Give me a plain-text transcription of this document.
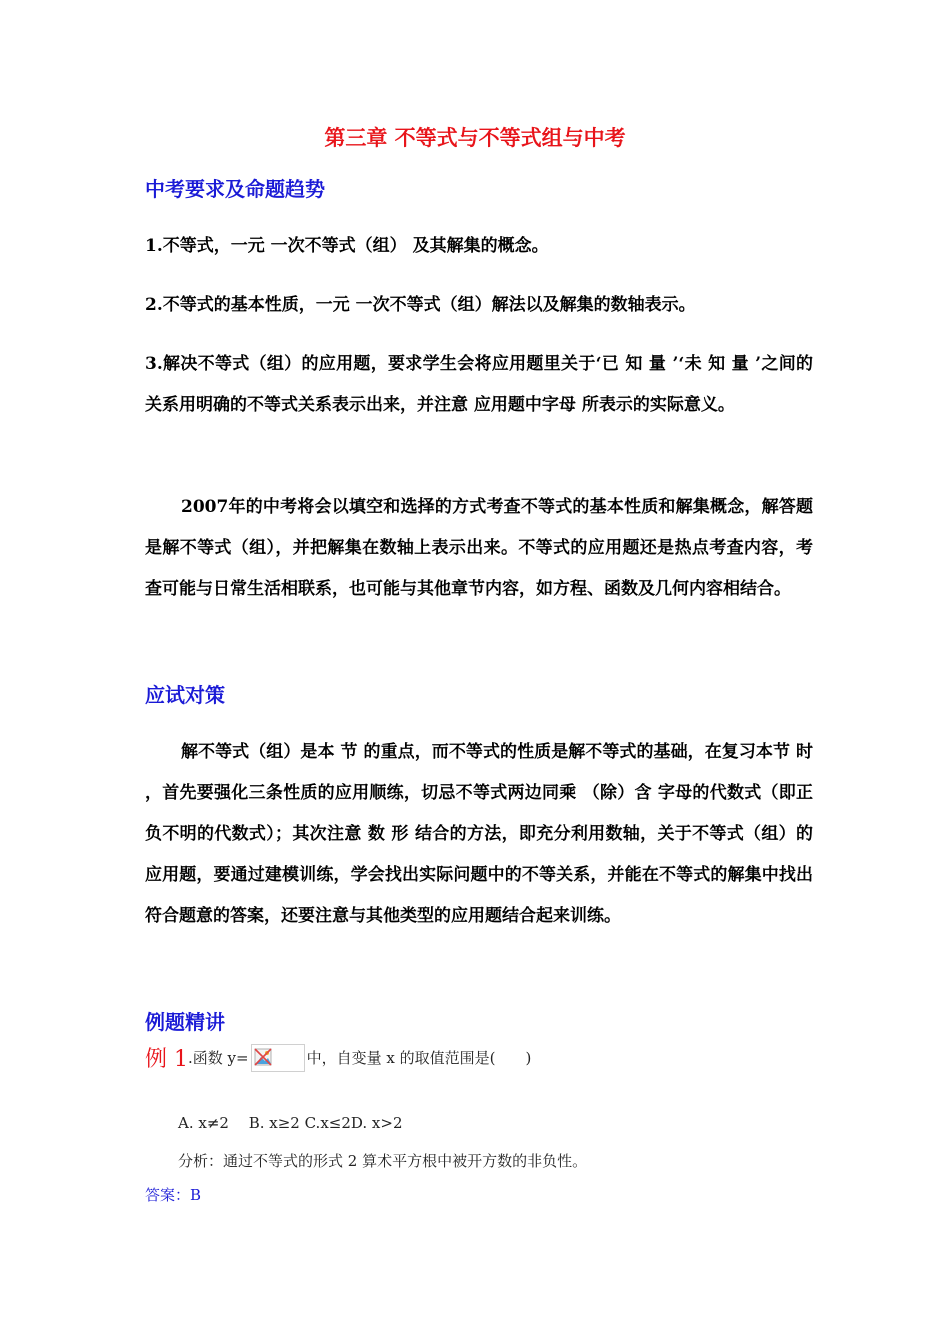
第三章 不等式与不等式组与中考
中考要求及命题趋势
1.不等式，一元 一次不等式（组） 及其解集的概念。
2.不等式的基本性质，一元 一次不等式（组）解法以及解集的数轴表示。
3.解决不等式（组）的应用题，要求学生会将应用题里关于‘已 知 量 ’‘未 知 量 ’之间的关系用明确的不等式关系表示出来，并注意 应用题中字母 所表示的实际意义。
2007年的中考将会以填空和选择的方式考查不等式的基本性质和解集概念，解答题是解不等式（组），并把解集在数轴上表示出来。不等式的应用题还是热点考查内容，考查可能与日常生活相联系，也可能与其他章节内容，如方程、函数及几何内容相结合。
应试对策
解不等式（组）是本 节 的重点，而不等式的性质是解不等式的基础，在复习本节 时 ，首先要强化三条性质的应用顺练，切忌不等式两边同乘 （除）含 字母的代数式（即正负不明的代数式）；其次注意 数 形 结合的方法，即充分利用数轴，关于不等式（组）的应用题，要通过建模训练，学会找出实际问题中的不等关系，并能在不等式的解集中找出符合题意的答案，还要注意与其他类型的应用题结合起来训练。
例题精讲
例 1.函数 y=	中，自变量 x 的取值范围是(　　)
A. x≠2　 B. x≥2 C.x≤2D. x>2
分析：通过不等式的形式 2 算术平方根中被开方数的非负性。
答案：B
